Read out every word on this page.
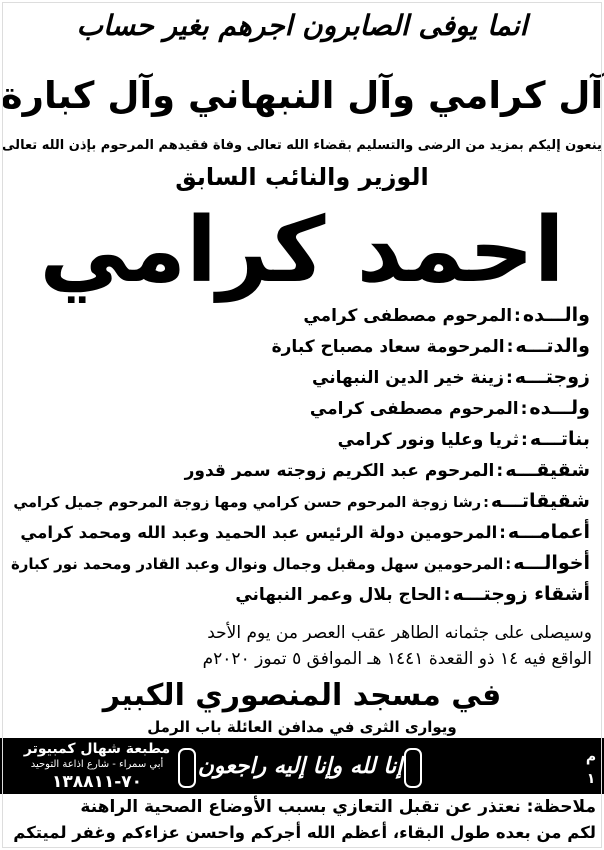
انما يوفى الصابرون اجرهم بغير حساب
آل كرامي وآل النبهاني وآل كبارة
ينعون إليكم بمزيد من الرضى والتسليم بقضاء الله تعالى وفاة فقيدهم المرحوم بإذن الله تعالى
الوزير والنائب السابق
احمد كرامي
والـــده:المرحوم مصطفى كرامي
والدتـــه:المرحومة سعاد مصباح كبارة
زوجتـــه:زينة خير الدين النبهاني
ولـــده:المرحوم مصطفى كرامي
بناتـــه:ثريا وعليا ونور كرامي
شقيقـــه:المرحوم عبد الكريم زوجته سمر قدور
شقيقاتـــه:رشا زوجة المرحوم حسن كرامي ومها زوجة المرحوم جميل كرامي
أعمامـــه:المرحومين دولة الرئيس عبد الحميد وعبد الله ومحمد كرامي
أخوالـــه:المرحومين سهل ومقبل وجمال ونوال وعبد القادر ومحمد نور كبارة
أشقاء زوجتـــه:الحاج بلال وعمر النبهاني
وسيصلى على جثمانه الطاهر عقب العصر من يوم الأحد
الواقع فيه ١٤ ذو القعدة ١٤٤١ هـ الموافق ٥ تموز ٢٠٢٠م
في مسجد المنصوري الكبير
ويوارى الثرى في مدافن العائلة باب الرمل
م
١
إنا لله وإنا إليه راجعون
مطبعة شهال كمبيوتر
أبي سمراء - شارع اذاعة التوحيد
٧٠-١٣٨٨١١
ملاحظة: نعتذر عن تقبل التعازي بسبب الأوضاع الصحية الراهنة
لكم من بعده طول البقاء، أعظم الله أجركم واحسن عزاءكم وغفر لميتكم
